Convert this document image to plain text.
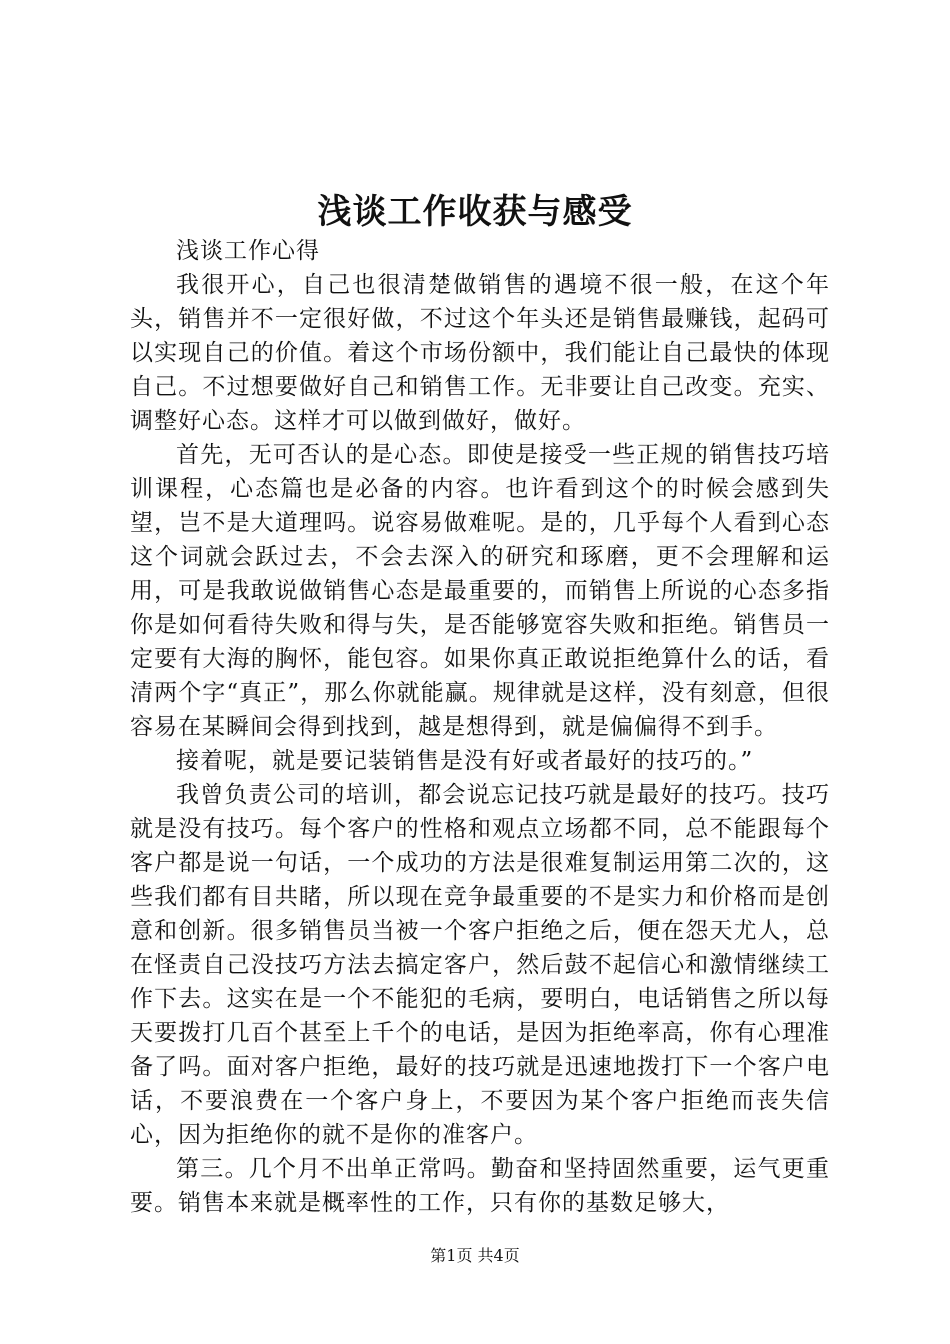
浅谈工作收获与感受

浅谈工作心得

我很开心，自己也很清楚做销售的遇境不很一般，在这个年头，销售并不一定很好做，不过这个年头还是销售最赚钱，起码可以实现自己的价值。着这个市场份额中，我们能让自己最快的体现自己。不过想要做好自己和销售工作。无非要让自己改变。充实、调整好心态。这样才可以做到做好，做好。

首先，无可否认的是心态。即使是接受一些正规的销售技巧培训课程，心态篇也是必备的内容。也许看到这个的时候会感到失望，岂不是大道理吗。说容易做难呢。是的，几乎每个人看到心态这个词就会跃过去，不会去深入的研究和琢磨，更不会理解和运用，可是我敢说做销售心态是最重要的，而销售上所说的心态多指你是如何看待失败和得与失，是否能够宽容失败和拒绝。销售员一定要有大海的胸怀，能包容。如果你真正敢说拒绝算什么的话，看清两个字“真正”，那么你就能赢。规律就是这样，没有刻意，但很容易在某瞬间会得到找到，越是想得到，就是偏偏得不到手。

接着呢，就是要记装销售是没有好或者最好的技巧的。”

我曾负责公司的培训，都会说忘记技巧就是最好的技巧。技巧就是没有技巧。每个客户的性格和观点立场都不同，总不能跟每个客户都是说一句话，一个成功的方法是很难复制运用第二次的，这些我们都有目共睹，所以现在竞争最重要的不是实力和价格而是创意和创新。很多销售员当被一个客户拒绝之后，便在怨天尤人，总在怪责自己没技巧方法去搞定客户，然后鼓不起信心和激情继续工作下去。这实在是一个不能犯的毛病，要明白，电话销售之所以每天要拨打几百个甚至上千个的电话，是因为拒绝率高，你有心理准备了吗。面对客户拒绝，最好的技巧就是迅速地拨打下一个客户电话，不要浪费在一个客户身上，不要因为某个客户拒绝而丧失信心，因为拒绝你的就不是你的准客户。

第三。几个月不出单正常吗。勤奋和坚持固然重要，运气更重要。销售本来就是概率性的工作，只有你的基数足够大，

第1页 共4页
